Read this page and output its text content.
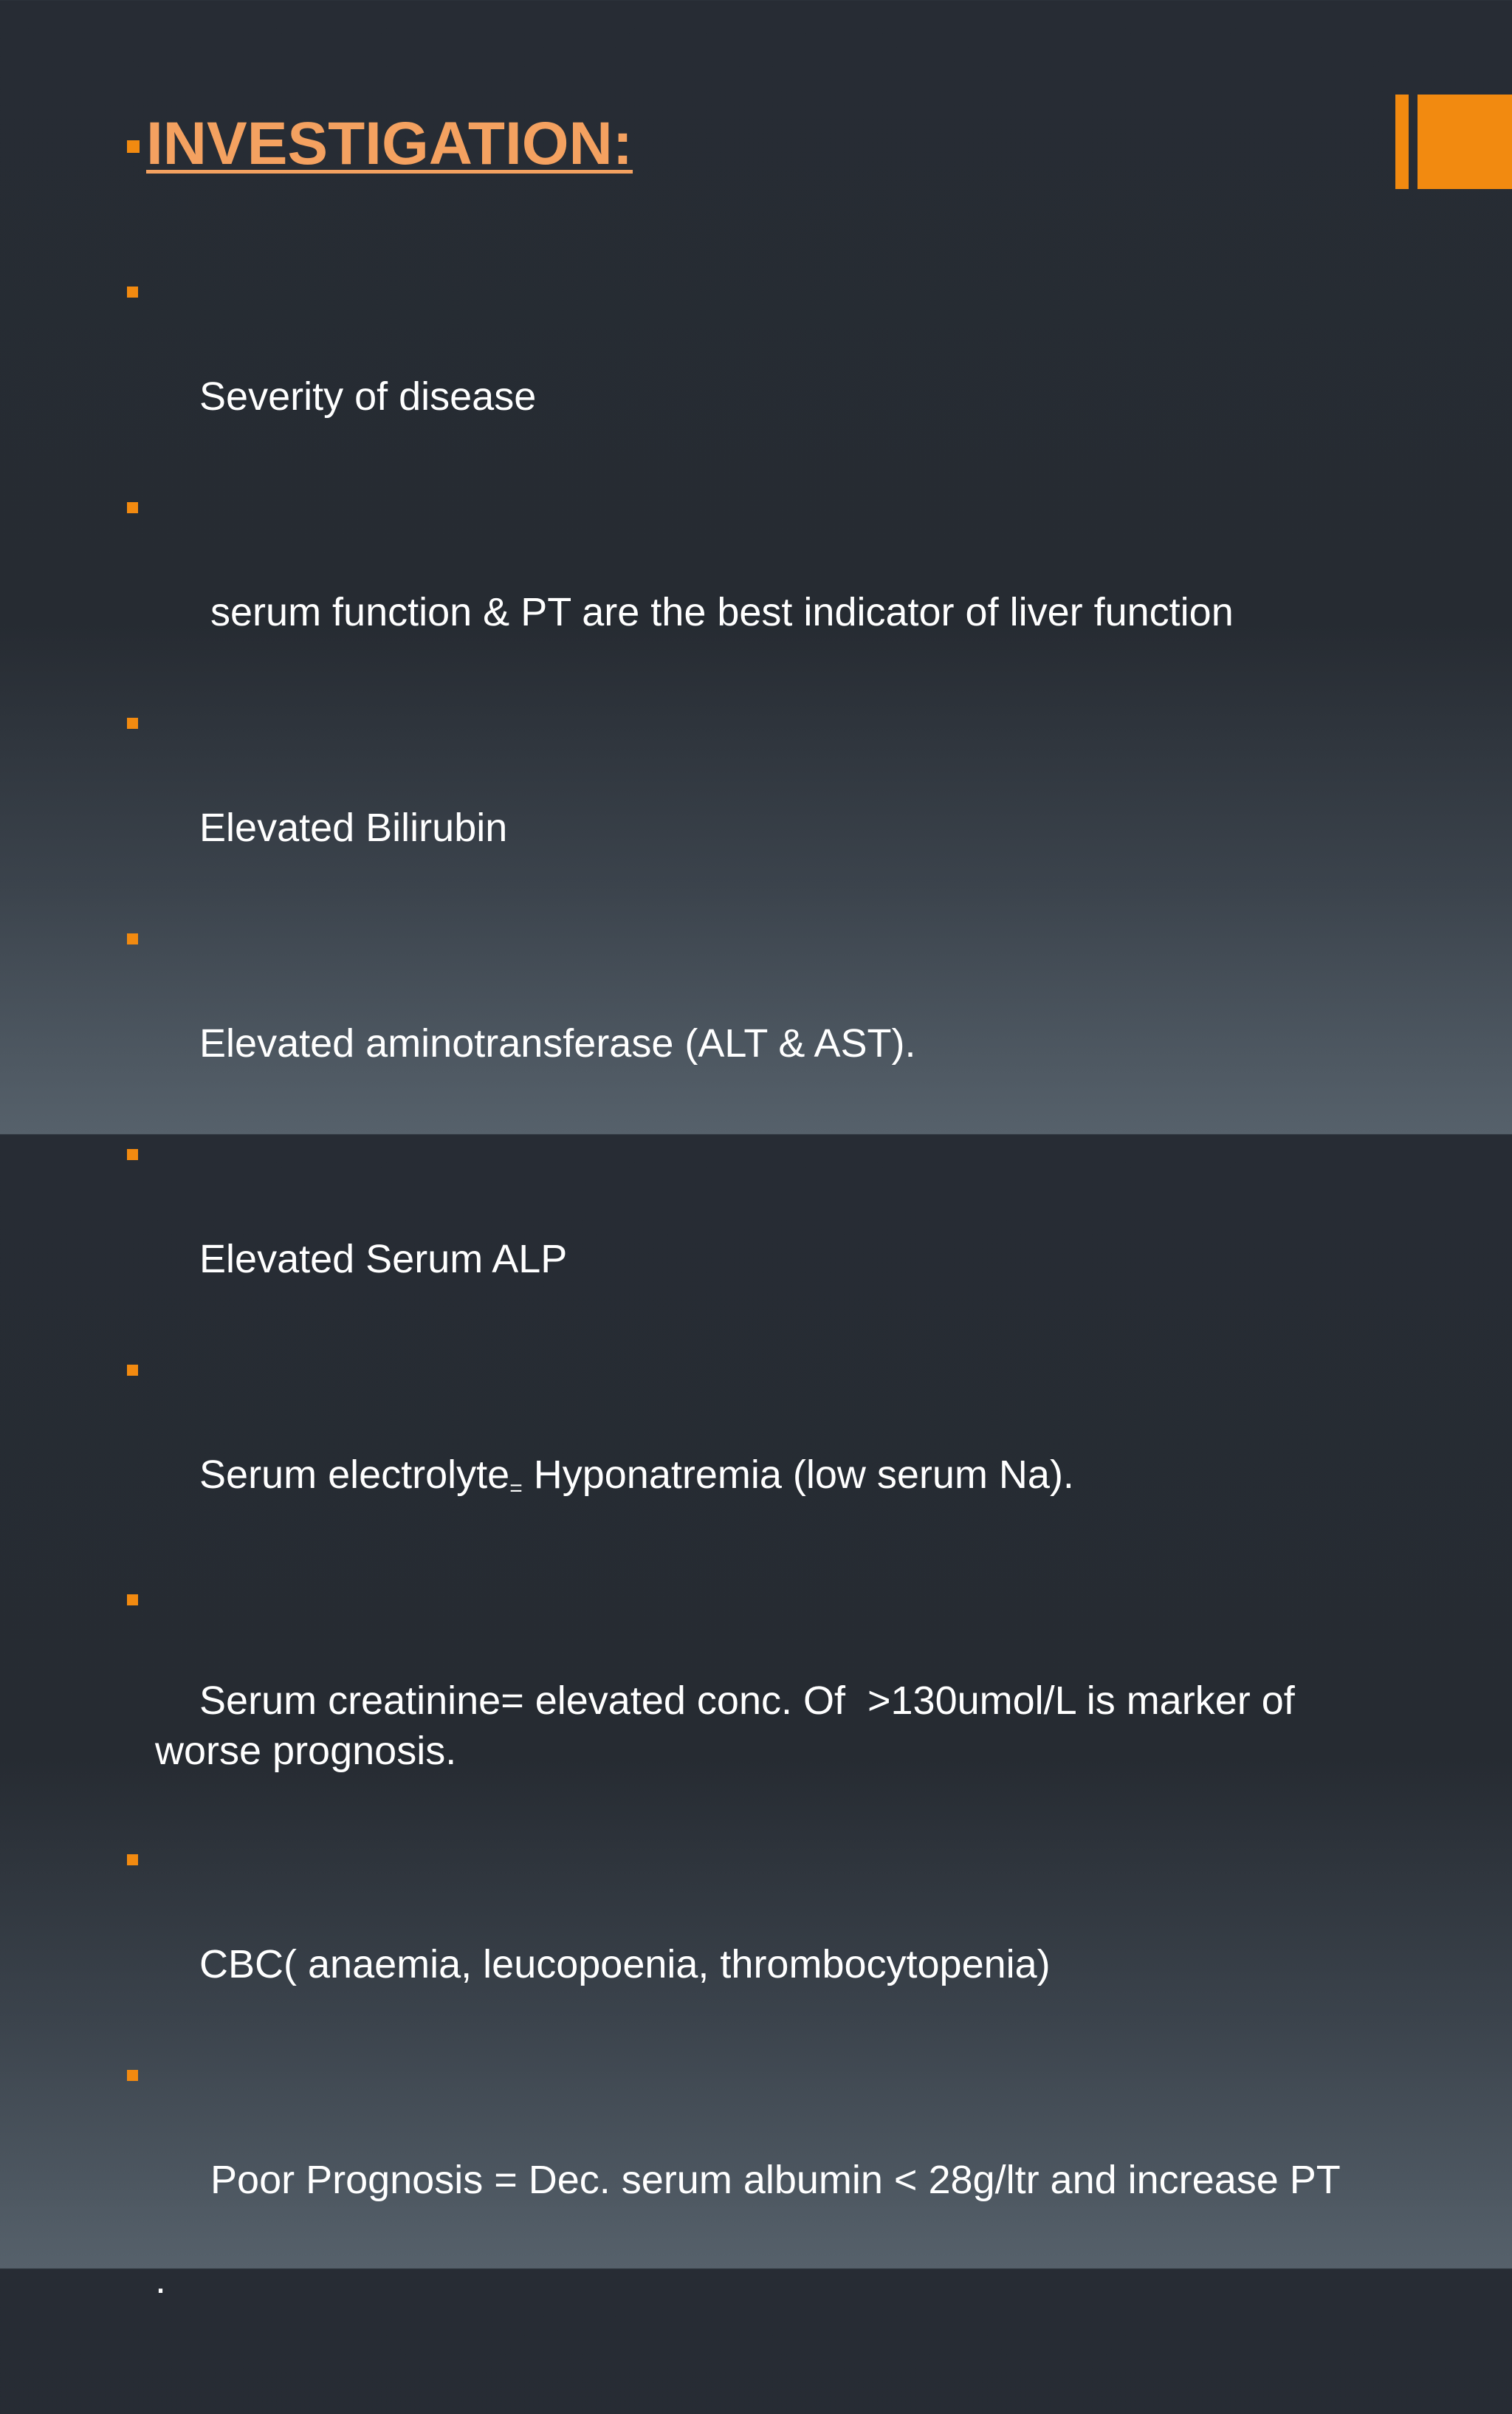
INVESTIGATION:

Severity of disease

serum function & PT are the best indicator of liver function

Elevated Bilirubin

Elevated aminotransferase (ALT & AST).

Elevated Serum ALP

Serum electrolyte$_=$ Hyponatremia (low serum Na).

Serum creatinine= elevated conc. Of  >130umol/L is marker of worse prognosis.

CBC( anaemia, leucopoenia, thrombocytopenia)

Poor Prognosis = Dec. serum albumin < 28g/ltr and increase PT

.
